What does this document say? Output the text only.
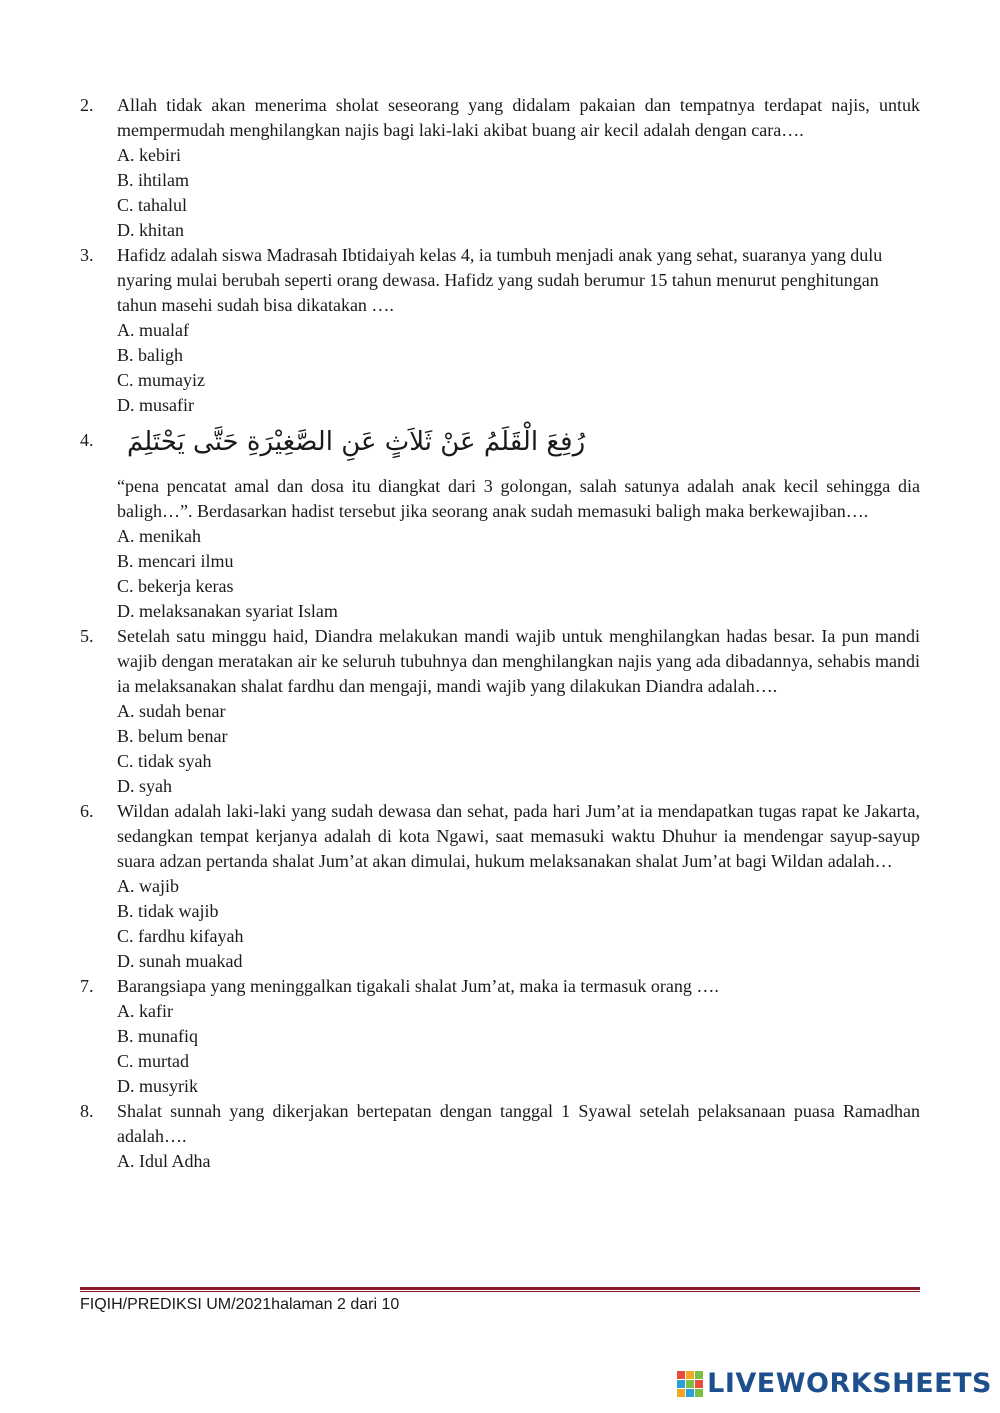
2. Allah tidak akan menerima sholat seseorang yang didalam pakaian dan tempatnya terdapat najis, untuk mempermudah menghilangkan najis bagi laki-laki akibat buang air kecil adalah dengan cara….

A. kebiri
B. ihtilam
C. tahalul
D. khitan
3. Hafidz adalah siswa Madrasah Ibtidaiyah kelas 4, ia tumbuh menjadi anak yang sehat, suaranya yang dulu nyaring mulai berubah seperti orang dewasa. Hafidz yang sudah berumur 15 tahun menurut penghitungan tahun masehi sudah bisa dikatakan ….

A. mualaf
B. baligh
C. mumayiz
D. musafir
4.	رُفِعَ الْقَلَمُ عَنْ ثَلاَثٍ عَنِ الصَّغِيْرَةِ حَتَّى يَحْتَلِمَ

“pena pencatat amal dan dosa itu diangkat dari 3 golongan, salah satunya adalah anak kecil sehingga dia baligh…”. Berdasarkan hadist tersebut jika seorang anak sudah memasuki baligh maka berkewajiban….

A. menikah
B. mencari ilmu
C. bekerja keras
D. melaksanakan syariat Islam
5. Setelah satu minggu haid, Diandra melakukan mandi wajib untuk menghilangkan hadas besar. Ia pun mandi wajib dengan meratakan air ke seluruh tubuhnya dan menghilangkan najis yang ada dibadannya, sehabis mandi ia melaksanakan shalat fardhu dan mengaji, mandi wajib yang dilakukan Diandra adalah….

A. sudah benar
B. belum benar
C. tidak syah
D. syah
6. Wildan adalah laki-laki yang sudah dewasa dan sehat, pada hari Jum’at ia mendapatkan tugas rapat ke Jakarta, sedangkan tempat kerjanya adalah di kota Ngawi, saat memasuki waktu Dhuhur ia mendengar sayup-sayup suara adzan pertanda shalat Jum’at akan dimulai, hukum melaksanakan shalat Jum’at bagi Wildan adalah…

A. wajib
B. tidak wajib
C. fardhu kifayah
D. sunah muakad
7. Barangsiapa yang meninggalkan tigakali shalat Jum’at, maka ia termasuk orang ….

A. kafir
B. munafiq
C. murtad
D. musyrik
8. Shalat sunnah yang dikerjakan bertepatan dengan tanggal 1 Syawal setelah pelaksanaan puasa Ramadhan adalah….

A. Idul Adha
FIQIH/PREDIKSI UM/2021halaman 2 dari 10
LIVEWORKSHEETS
